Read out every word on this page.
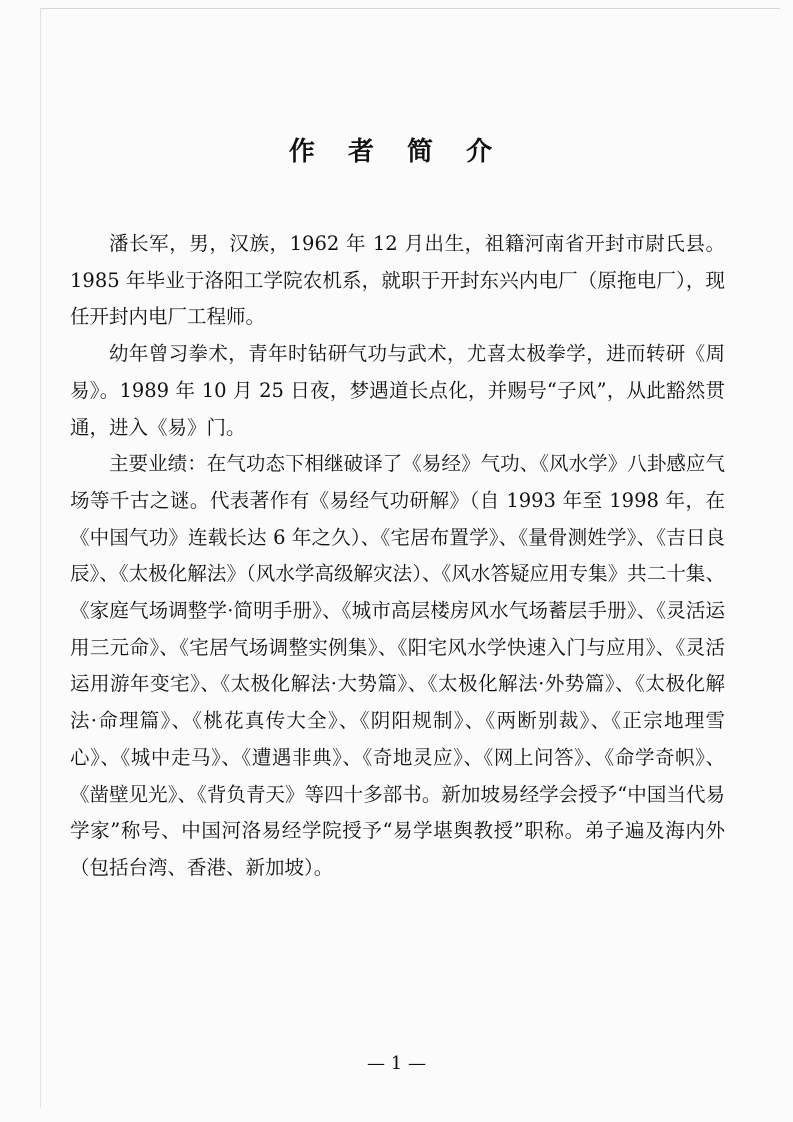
作 者 简 介

潘长军，男，汉族，1962 年 12 月出生，祖籍河南省开封市尉氏县。1985 年毕业于洛阳工学院农机系，就职于开封东兴内电厂（原拖电厂），现任开封内电厂工程师。

幼年曾习拳术，青年时钻研气功与武术，尤喜太极拳学，进而转研《周易》。1989 年 10 月 25 日夜，梦遇道长点化，并赐号“子风”，从此豁然贯通，进入《易》门。

主要业绩：在气功态下相继破译了《易经》气功、《风水学》八卦感应气场等千古之谜。代表著作有《易经气功研解》（自 1993 年至 1998 年，在《中国气功》连载长达 6 年之久）、《宅居布置学》、《量骨测姓学》、《吉日良辰》、《太极化解法》（风水学高级解灾法）、《风水答疑应用专集》共二十集、《家庭气场调整学·简明手册》、《城市高层楼房风水气场蓄层手册》、《灵活运用三元命》、《宅居气场调整实例集》、《阳宅风水学快速入门与应用》、《灵活运用游年变宅》、《太极化解法·大势篇》、《太极化解法·外势篇》、《太极化解法·命理篇》、《桃花真传大全》、《阴阳规制》、《两断别裁》、《正宗地理雪心》、《城中走马》、《遭遇非典》、《奇地灵应》、《网上问答》、《命学奇帜》、《凿壁见光》、《背负青天》等四十多部书。新加坡易经学会授予“中国当代易学家”称号、中国河洛易经学院授予“易学堪舆教授”职称。弟子遍及海内外（包括台湾、香港、新加坡）。

— 1 —
